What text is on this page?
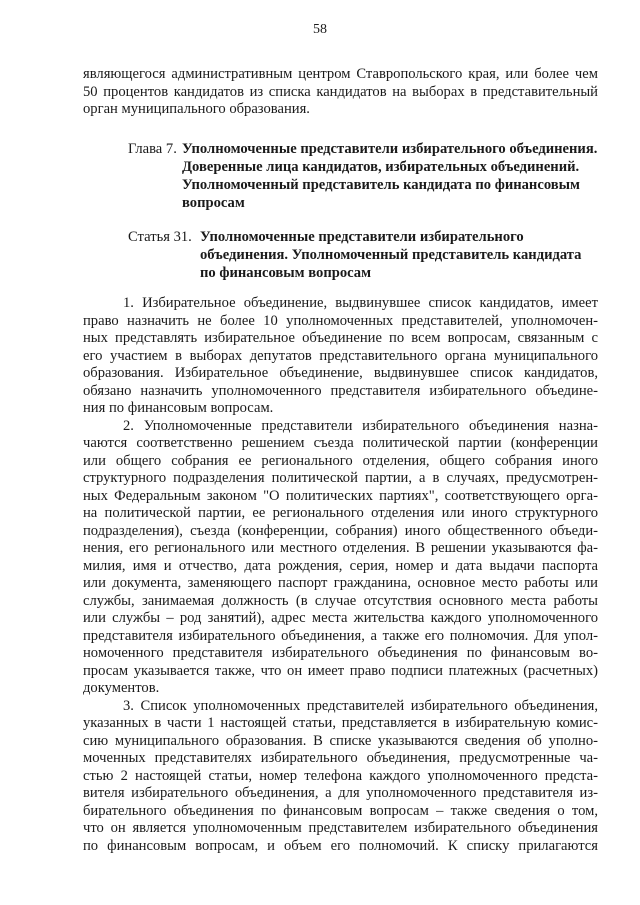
58
являющегося административным центром Ставропольского края, или более чем
50 процентов кандидатов из списка кандидатов на выборах в представительный
орган муниципального образования.
Глава 7. Уполномоченные представители избирательного объединения.
Доверенные лица кандидатов, избирательных объединений.
Уполномоченный представитель кандидата по финансовым
вопросам
Статья 31. Уполномоченные представители избирательного
объединения. Уполномоченный представитель кандидата
по финансовым вопросам
1. Избирательное объединение, выдвинувшее список кандидатов, имеет
право назначить не более 10 уполномоченных представителей, уполномочен-
ных представлять избирательное объединение по всем вопросам, связанным с
его участием в выборах депутатов представительного органа муниципального
образования. Избирательное объединение, выдвинувшее список кандидатов,
обязано назначить уполномоченного представителя избирательного объедине-
ния по финансовым вопросам.
2. Уполномоченные представители избирательного объединения назна-
чаются соответственно решением съезда политической партии (конференции
или общего собрания ее регионального отделения, общего собрания иного
структурного подразделения политической партии, а в случаях, предусмотрен-
ных Федеральным законом "О политических партиях", соответствующего орга-
на политической партии, ее регионального отделения или иного структурного
подразделения), съезда (конференции, собрания) иного общественного объеди-
нения, его регионального или местного отделения. В решении указываются фа-
милия, имя и отчество, дата рождения, серия, номер и дата выдачи паспорта
или документа, заменяющего паспорт гражданина, основное место работы или
службы, занимаемая должность (в случае отсутствия основного места работы
или службы – род занятий), адрес места жительства каждого уполномоченного
представителя избирательного объединения, а также его полномочия. Для упол-
номоченного представителя избирательного объединения по финансовым во-
просам указывается также, что он имеет право подписи платежных (расчетных)
документов.
3. Список уполномоченных представителей избирательного объединения,
указанных в части 1 настоящей статьи, представляется в избирательную комис-
сию муниципального образования. В списке указываются сведения об уполно-
моченных представителях избирательного объединения, предусмотренные ча-
стью 2 настоящей статьи, номер телефона каждого уполномоченного предста-
вителя избирательного объединения, а для уполномоченного представителя из-
бирательного объединения по финансовым вопросам – также сведения о том,
что он является уполномоченным представителем избирательного объединения
по финансовым вопросам, и объем его полномочий. К списку прилагаются
